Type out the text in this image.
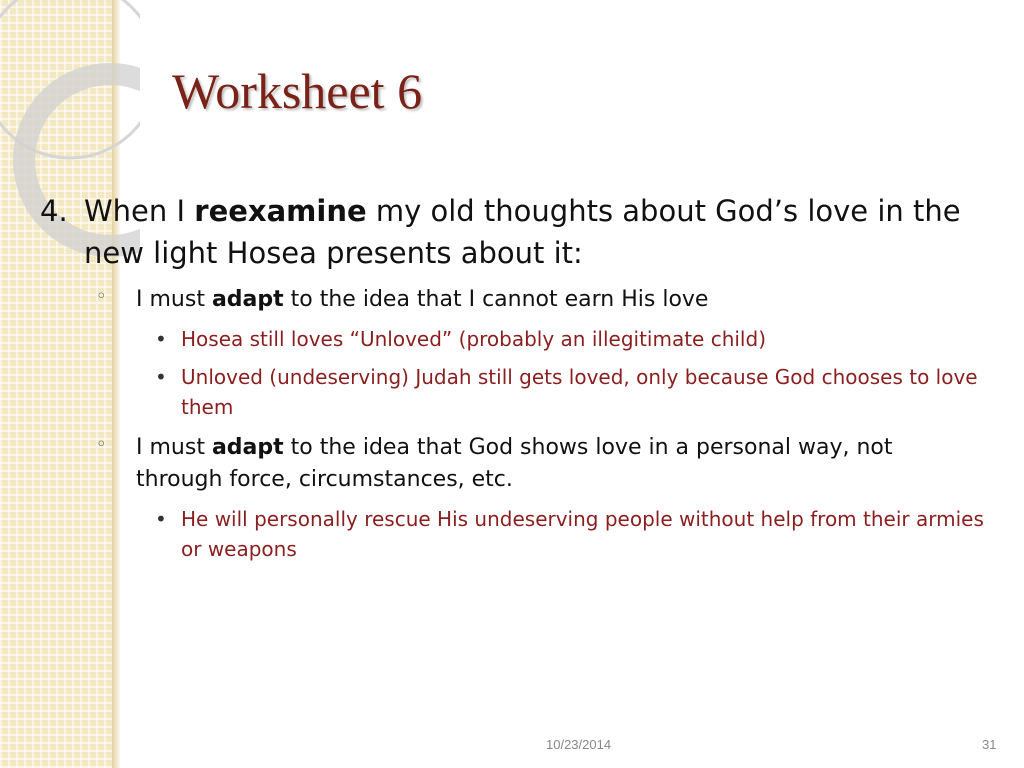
Worksheet 6
4. When I reexamine my old thoughts about God’s love in the new light Hosea presents about it:
◦ I must adapt to the idea that I cannot earn His love
• Hosea still loves “Unloved” (probably an illegitimate child)
• Unloved (undeserving) Judah still gets loved, only because God chooses to love them
◦ I must adapt to the idea that God shows love in a personal way, not through force, circumstances, etc.
• He will personally rescue His undeserving people without help from their armies or weapons
10/23/2014	31
